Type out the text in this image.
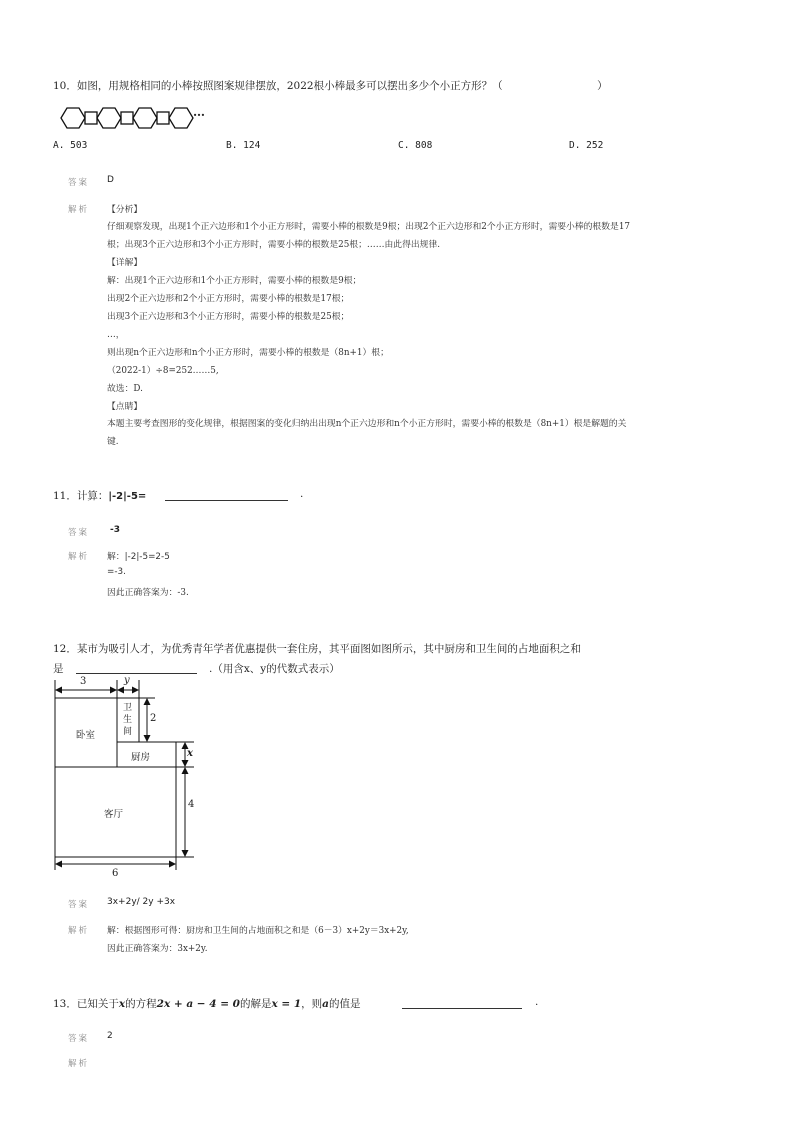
10．如图，用规格相同的小棒按照图案规律摆放，2022根小棒最多可以摆出多少个小正方形？（　　　　　　　　　）
…
A. 503	B. 124	C. 808	D. 252
答案 D
解析 【分析】
仔细观察发现，出现1个正六边形和1个小正方形时，需要小棒的根数是9根；出现2个正六边形和2个小正方形时，需要小棒的根数是17
根；出现3个正六边形和3个小正方形时，需要小棒的根数是25根；……由此得出规律.
【详解】
解：出现1个正六边形和1个小正方形时，需要小棒的根数是9根；
出现2个正六边形和2个小正方形时，需要小棒的根数是17根；
出现3个正六边形和3个小正方形时，需要小棒的根数是25根；
…，
则出现n个正六边形和n个小正方形时，需要小棒的根数是（8n+1）根；
（2022-1）÷8=252……5,
故选：D.
【点睛】
本题主要考查图形的变化规律，根据图案的变化归纳出出现n个正六边形和n个小正方形时，需要小棒的根数是（8n+1）根是解题的关
键.
11．计算：|-2|-5=	.
答案 -3
解析 解：|-2|-5=2-5
=-3.
因此正确答案为：-3.
12．某市为吸引人才，为优秀青年学者优惠提供一套住房，其平面图如图所示，其中厨房和卫生间的占地面积之和
是	.（用含x、y的代数式表示）
3	y
2
x
4
6
卧室
卫
生
间
厨房
客厅
答案 3x+2y/ 2y +3x
解析 解：根据图形可得：厨房和卫生间的占地面积之和是（6－3）x+2y＝3x+2y,
因此正确答案为：3x+2y.
13．已知关于x的方程2x + a − 4 = 0的解是x = 1，则a的值是	.
答案 2
解析
